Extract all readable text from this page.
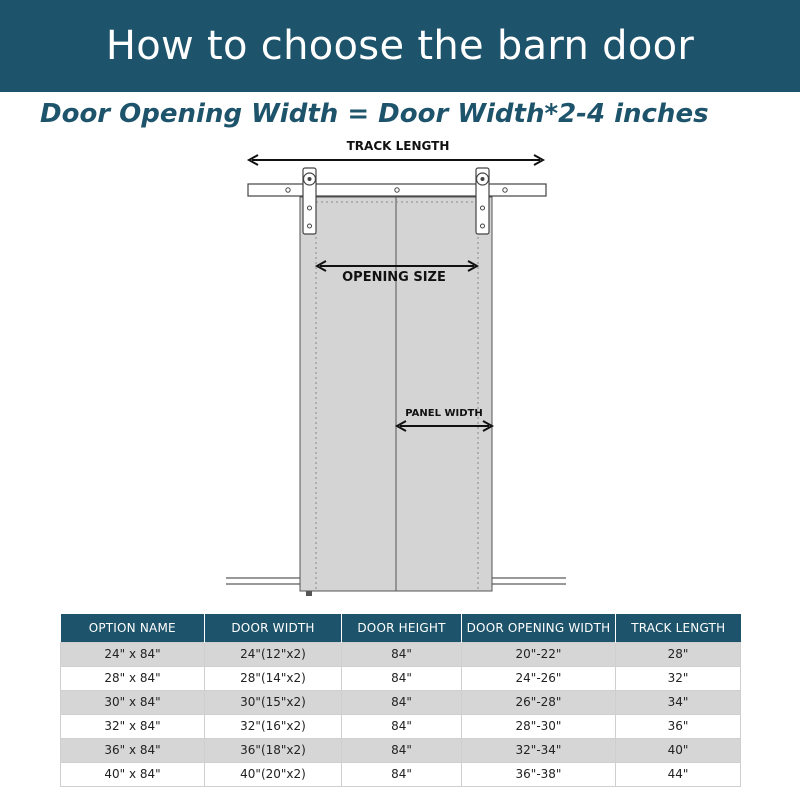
How to choose the barn door
Door Opening Width = Door Width*2-4 inches
TRACK LENGTH
OPENING SIZE
PANEL WIDTH
OPTION NAME	DOOR WIDTH	DOOR HEIGHT	DOOR OPENING WIDTH	TRACK LENGTH
24" x 84"	24"(12"x2)	84"	20"-22"	28"
28" x 84"	28"(14"x2)	84"	24"-26"	32"
30" x 84"	30"(15"x2)	84"	26"-28"	34"
32" x 84"	32"(16"x2)	84"	28"-30"	36"
36" x 84"	36"(18"x2)	84"	32"-34"	40"
40" x 84"	40"(20"x2)	84"	36"-38"	44"
